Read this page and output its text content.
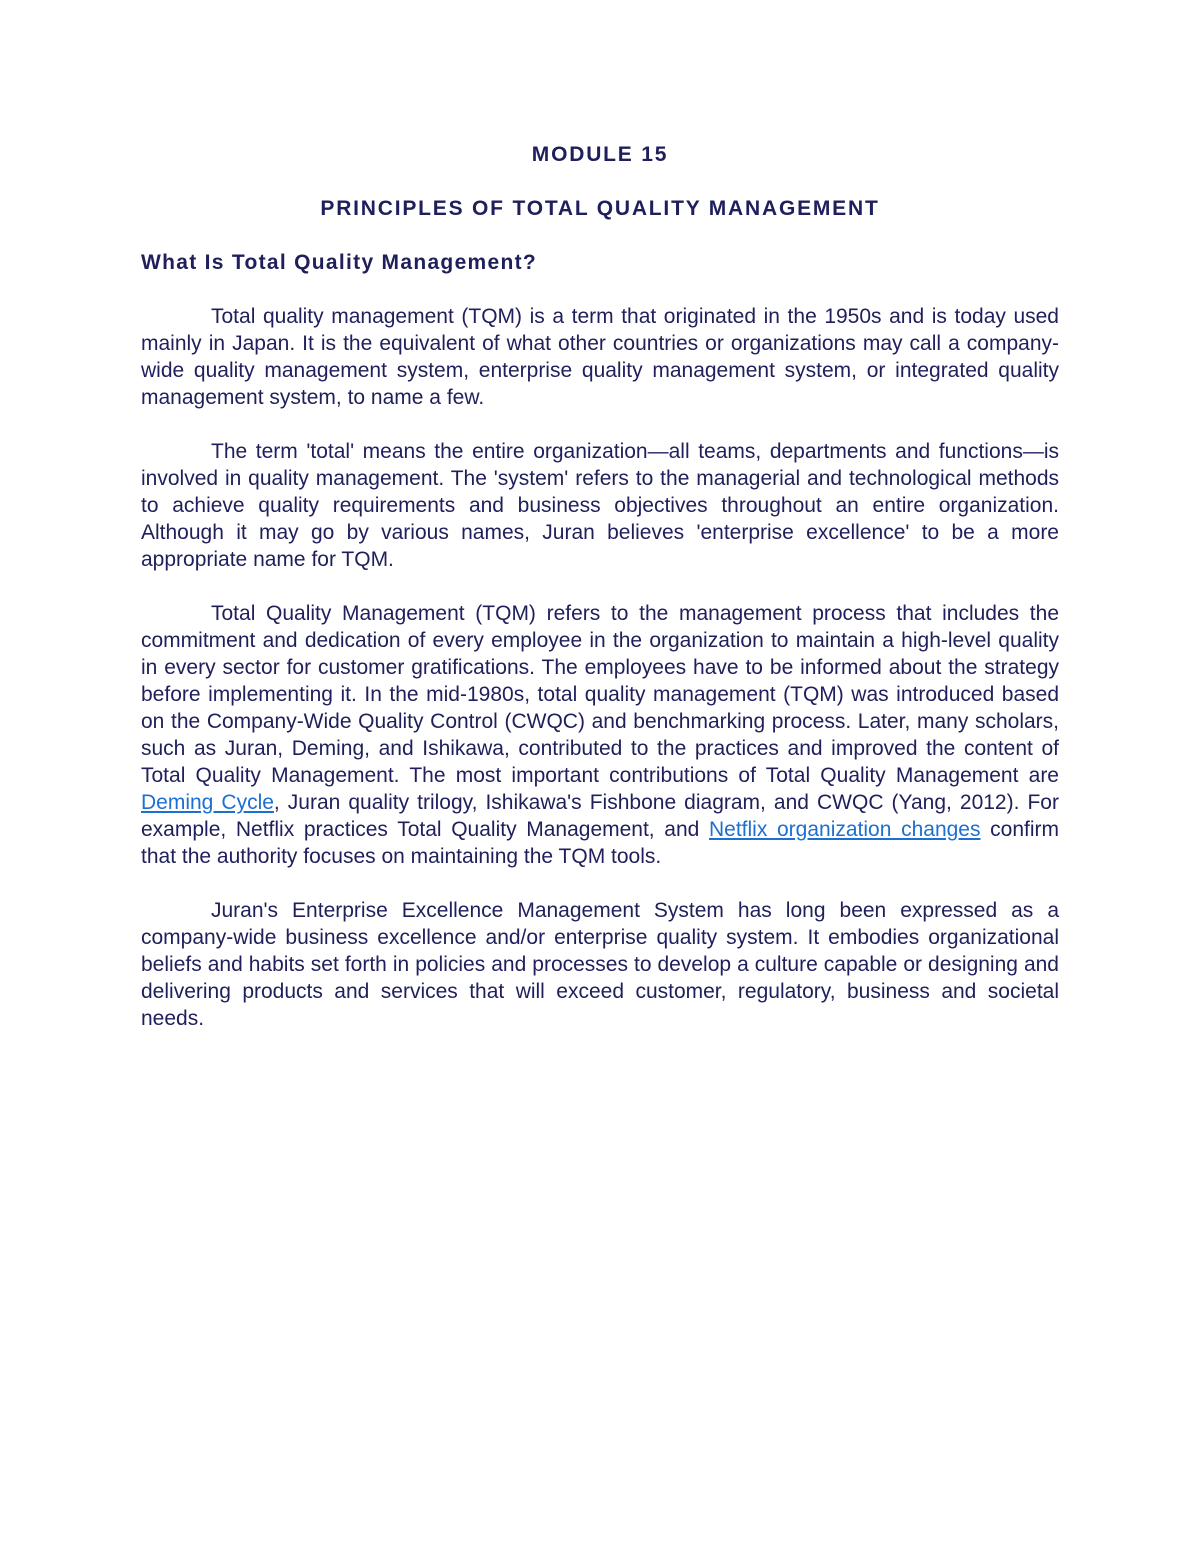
MODULE 15
PRINCIPLES OF TOTAL QUALITY MANAGEMENT
What Is Total Quality Management?

Total quality management (TQM) is a term that originated in the 1950s and is today used mainly in Japan. It is the equivalent of what other countries or organizations may call a company-wide quality management system, enterprise quality management system, or integrated quality management system, to name a few.

The term 'total' means the entire organization—all teams, departments and functions—is involved in quality management. The 'system' refers to the managerial and technological methods to achieve quality requirements and business objectives throughout an entire organization. Although it may go by various names, Juran believes 'enterprise excellence' to be a more appropriate name for TQM.

Total Quality Management (TQM) refers to the management process that includes the commitment and dedication of every employee in the organization to maintain a high-level quality in every sector for customer gratifications. The employees have to be informed about the strategy before implementing it. In the mid-1980s, total quality management (TQM) was introduced based on the Company-Wide Quality Control (CWQC) and benchmarking process. Later, many scholars, such as Juran, Deming, and Ishikawa, contributed to the practices and improved the content of Total Quality Management. The most important contributions of Total Quality Management are Deming Cycle, Juran quality trilogy, Ishikawa's Fishbone diagram, and CWQC (Yang, 2012). For example, Netflix practices Total Quality Management, and Netflix organization changes confirm that the authority focuses on maintaining the TQM tools.

Juran's Enterprise Excellence Management System has long been expressed as a company-wide business excellence and/or enterprise quality system. It embodies organizational beliefs and habits set forth in policies and processes to develop a culture capable or designing and delivering products and services that will exceed customer, regulatory, business and societal needs.
